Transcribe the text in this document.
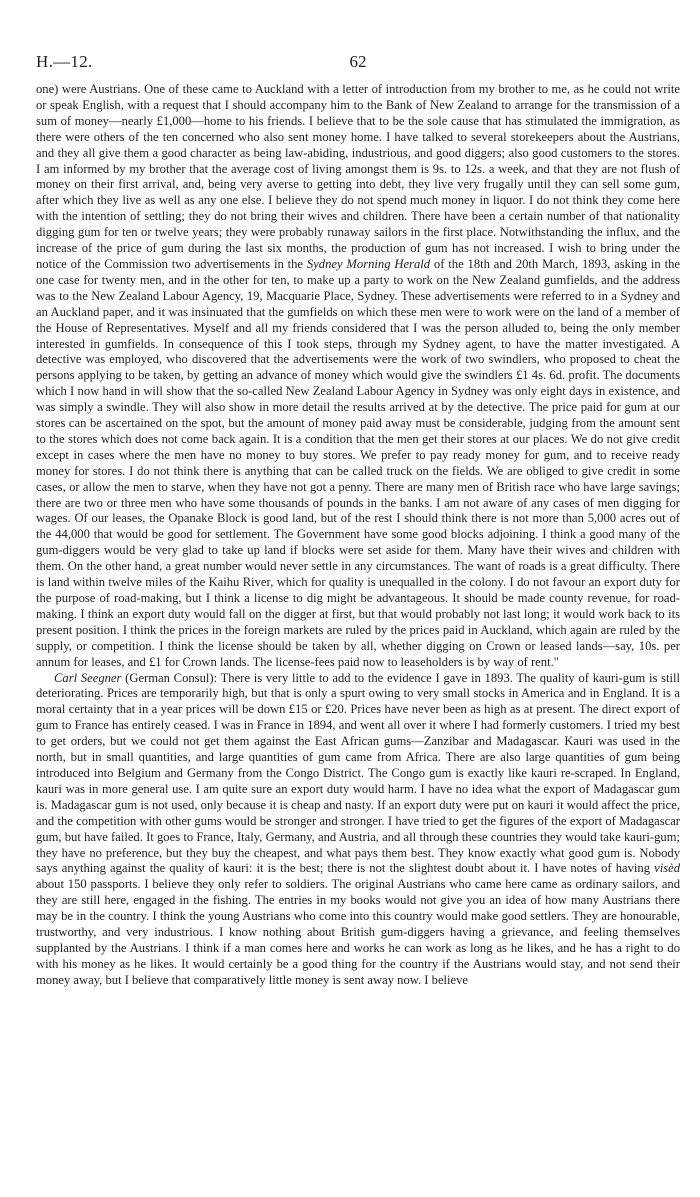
H.—12.	62

one) were Austrians. One of these came to Auckland with a letter of introduction from my brother to me, as he could not write or speak English, with a request that I should accompany him to the Bank of New Zealand to arrange for the transmission of a sum of money—nearly £1,000—home to his friends. I believe that to be the sole cause that has stimulated the immigration, as there were others of the ten concerned who also sent money home. I have talked to several storekeepers about the Austrians, and they all give them a good character as being law-abiding, industrious, and good diggers; also good customers to the stores. I am informed by my brother that the average cost of living amongst them is 9s. to 12s. a week, and that they are not flush of money on their first arrival, and, being very averse to getting into debt, they live very frugally until they can sell some gum, after which they live as well as any one else. I believe they do not spend much money in liquor. I do not think they come here with the intention of settling; they do not bring their wives and children. There have been a certain number of that nationality digging gum for ten or twelve years; they were probably runaway sailors in the first place. Notwithstanding the influx, and the increase of the price of gum during the last six months, the production of gum has not increased. I wish to bring under the notice of the Commission two advertisements in the Sydney Morning Herald of the 18th and 20th March, 1893, asking in the one case for twenty men, and in the other for ten, to make up a party to work on the New Zealand gumfields, and the address was to the New Zealand Labour Agency, 19, Macquarie Place, Sydney. These advertisements were referred to in a Sydney and an Auckland paper, and it was insinuated that the gumfields on which these men were to work were on the land of a member of the House of Representatives. Myself and all my friends considered that I was the person alluded to, being the only member interested in gumfields. In consequence of this I took steps, through my Sydney agent, to have the matter investigated. A detective was employed, who discovered that the advertisements were the work of two swindlers, who proposed to cheat the persons applying to be taken, by getting an advance of money which would give the swindlers £1 4s. 6d. profit. The documents which I now hand in will show that the so-called New Zealand Labour Agency in Sydney was only eight days in existence, and was simply a swindle. They will also show in more detail the results arrived at by the detective. The price paid for gum at our stores can be ascertained on the spot, but the amount of money paid away must be considerable, judging from the amount sent to the stores which does not come back again. It is a condition that the men get their stores at our places. We do not give credit except in cases where the men have no money to buy stores. We prefer to pay ready money for gum, and to receive ready money for stores. I do not think there is anything that can be called truck on the fields. We are obliged to give credit in some cases, or allow the men to starve, when they have not got a penny. There are many men of British race who have large savings; there are two or three men who have some thousands of pounds in the banks. I am not aware of any cases of men digging for wages. Of our leases, the Opanake Block is good land, but of the rest I should think there is not more than 5,000 acres out of the 44,000 that would be good for settlement. The Government have some good blocks adjoining. I think a good many of the gum-diggers would be very glad to take up land if blocks were set aside for them. Many have their wives and children with them. On the other hand, a great number would never settle in any circumstances. The want of roads is a great difficulty. There is land within twelve miles of the Kaihu River, which for quality is unequalled in the colony. I do not favour an export duty for the purpose of road-making, but I think a license to dig might be advantageous. It should be made county revenue, for road-making. I think an export duty would fall on the digger at first, but that would probably not last long; it would work back to its present position. I think the prices in the foreign markets are ruled by the prices paid in Auckland, which again are ruled by the supply, or competition. I think the license should be taken by all, whether digging on Crown or leased lands—say, 10s. per annum for leases, and £1 for Crown lands. The license-fees paid now to leaseholders is by way of rent."

Carl Seegner (German Consul): There is very little to add to the evidence I gave in 1893. The quality of kauri-gum is still deteriorating. Prices are temporarily high, but that is only a spurt owing to very small stocks in America and in England. It is a moral certainty that in a year prices will be down £15 or £20. Prices have never been as high as at present. The direct export of gum to France has entirely ceased. I was in France in 1894, and went all over it where I had formerly customers. I tried my best to get orders, but we could not get them against the East African gums—Zanzibar and Madagascar. Kauri was used in the north, but in small quantities, and large quantities of gum came from Africa. There are also large quantities of gum being introduced into Belgium and Germany from the Congo District. The Congo gum is exactly like kauri re-scraped. In England, kauri was in more general use. I am quite sure an export duty would harm. I have no idea what the export of Madagascar gum is. Madagascar gum is not used, only because it is cheap and nasty. If an export duty were put on kauri it would affect the price, and the competition with other gums would be stronger and stronger. I have tried to get the figures of the export of Madagascar gum, but have failed. It goes to France, Italy, Germany, and Austria, and all through these countries they would take kauri-gum; they have no preference, but they buy the cheapest, and what pays them best. They know exactly what good gum is. Nobody says anything against the quality of kauri: it is the best; there is not the slightest doubt about it. I have notes of having visèd about 150 passports. I believe they only refer to soldiers. The original Austrians who came here came as ordinary sailors, and they are still here, engaged in the fishing. The entries in my books would not give you an idea of how many Austrians there may be in the country. I think the young Austrians who come into this country would make good settlers. They are honourable, trustworthy, and very industrious. I know nothing about British gum-diggers having a grievance, and feeling themselves supplanted by the Austrians. I think if a man comes here and works he can work as long as he likes, and he has a right to do with his money as he likes. It would certainly be a good thing for the country if the Austrians would stay, and not send their money away, but I believe that comparatively little money is sent away now. I believe
